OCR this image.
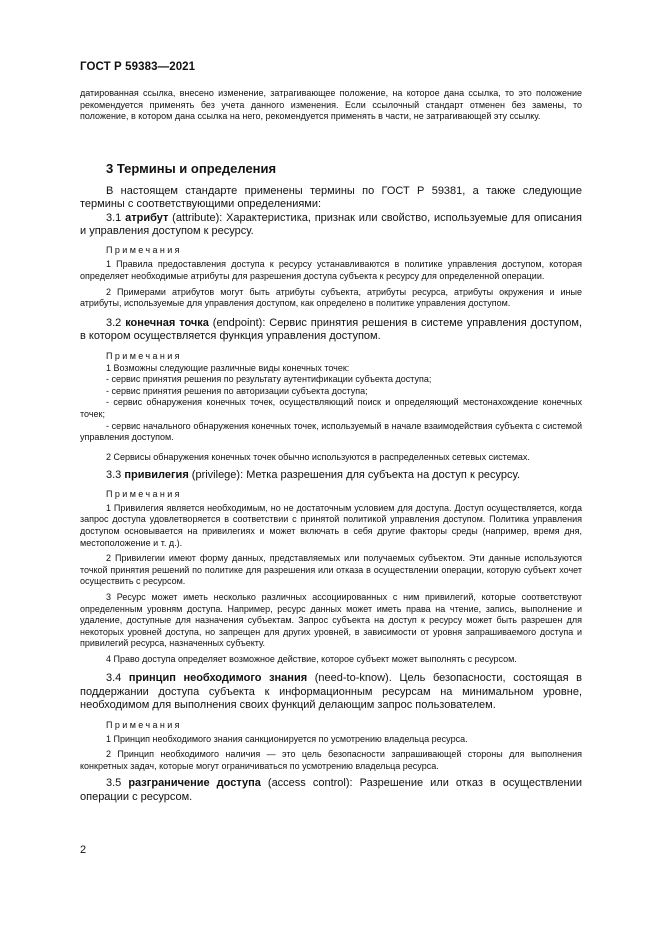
ГОСТ Р 59383—2021

датированная ссылка, внесено изменение, затрагивающее положение, на которое дана ссылка, то это положение рекомендуется применять без учета данного изменения. Если ссылочный стандарт отменен без замены, то положение, в котором дана ссылка на него, рекомендуется применять в части, не затрагивающей эту ссылку.

3 Термины и определения

В настоящем стандарте применены термины по ГОСТ Р 59381, а также следующие термины с соответствующими определениями:

3.1 атрибут (attribute): Характеристика, признак или свойство, используемые для описания и управления доступом к ресурсу.

Примечания

1 Правила предоставления доступа к ресурсу устанавливаются в политике управления доступом, которая определяет необходимые атрибуты для разрешения доступа субъекта к ресурсу для определенной операции.

2 Примерами атрибутов могут быть атрибуты субъекта, атрибуты ресурса, атрибуты окружения и иные атрибуты, используемые для управления доступом, как определено в политике управления доступом.

3.2 конечная точка (endpoint): Сервис принятия решения в системе управления доступом, в котором осуществляется функция управления доступом.

Примечания

1 Возможны следующие различные виды конечных точек:

- сервис принятия решения по результату аутентификации субъекта доступа;

- сервис принятия решения по авторизации субъекта доступа;

- сервис обнаружения конечных точек, осуществляющий поиск и определяющий местонахождение конечных точек;

- сервис начального обнаружения конечных точек, используемый в начале взаимодействия субъекта с системой управления доступом.

2 Сервисы обнаружения конечных точек обычно используются в распределенных сетевых системах.

3.3 привилегия (privilege): Метка разрешения для субъекта на доступ к ресурсу.

Примечания

1 Привилегия является необходимым, но не достаточным условием для доступа. Доступ осуществляется, когда запрос доступа удовлетворяется в соответствии с принятой политикой управления доступом. Политика управления доступом основывается на привилегиях и может включать в себя другие факторы среды (например, время дня, местоположение и т. д.).

2 Привилегии имеют форму данных, представляемых или получаемых субъектом. Эти данные используются точкой принятия решений по политике для разрешения или отказа в осуществлении операции, которую субъект хочет осуществить с ресурсом.

3 Ресурс может иметь несколько различных ассоциированных с ним привилегий, которые соответствуют определенным уровням доступа. Например, ресурс данных может иметь права на чтение, запись, выполнение и удаление, доступные для назначения субъектам. Запрос субъекта на доступ к ресурсу может быть разрешен для некоторых уровней доступа, но запрещен для других уровней, в зависимости от уровня запрашиваемого доступа и привилегий ресурса, назначенных субъекту.

4 Право доступа определяет возможное действие, которое субъект может выполнять с ресурсом.

3.4 принцип необходимого знания (need-to-know). Цель безопасности, состоящая в поддержании доступа субъекта к информационным ресурсам на минимальном уровне, необходимом для выполнения своих функций делающим запрос пользователем.

Примечания

1 Принцип необходимого знания санкционируется по усмотрению владельца ресурса.

2 Принцип необходимого наличия — это цель безопасности запрашивающей стороны для выполнения конкретных задач, которые могут ограничиваться по усмотрению владельца ресурса.

3.5 разграничение доступа (access control): Разрешение или отказ в осуществлении операции с ресурсом.

2
